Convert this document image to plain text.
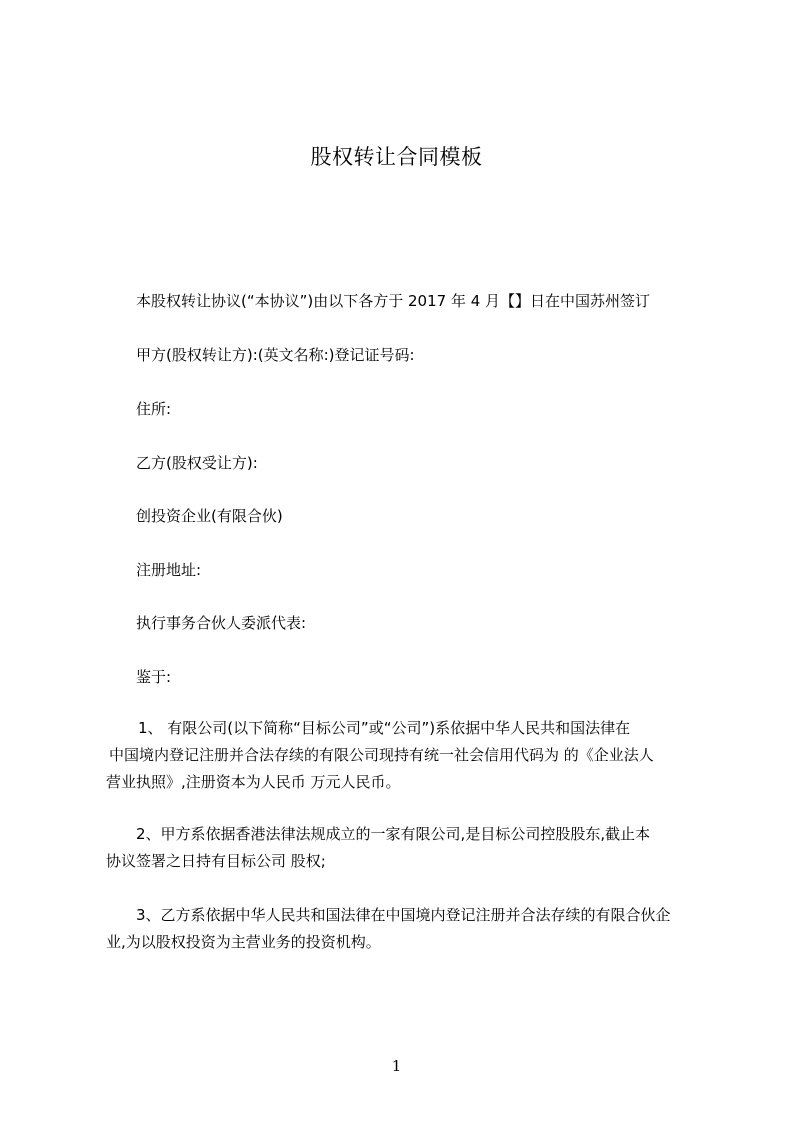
股权转让合同模板
本股权转让协议(“本协议”)由以下各方于 2017 年 4 月【】日在中国苏州签订
甲方(股权转让方):(英文名称:)登记证号码:
住所:
乙方(股权受让方):
创投资企业(有限合伙)
注册地址:
执行事务合伙人委派代表:
鉴于:
1、 有限公司(以下简称“目标公司”或“公司”)系依据中华人民共和国法律在
中国境内登记注册并合法存续的有限公司现持有统一社会信用代码为 的《企业法人
营业执照》,注册资本为人民币 万元人民币。
2、甲方系依据香港法律法规成立的一家有限公司,是目标公司控股股东,截止本
协议签署之日持有目标公司 股权;
3、乙方系依据中华人民共和国法律在中国境内登记注册并合法存续的有限合伙企
业,为以股权投资为主营业务的投资机构。
1
